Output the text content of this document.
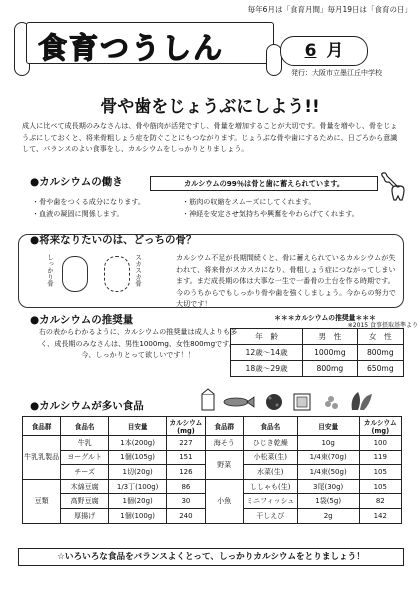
毎年6月は「食育月間」毎月19日は「食育の日」
食育つうしん	6 月
発行：大阪市立墨江丘中学校
骨や歯をじょうぶにしよう!!
成人に比べて成長期のみなさんは、骨や筋肉が活発ですし、骨量を増加することが大切です。骨量を増やし、骨をじょうぶにしておくと、将来骨粗しょう症を防ぐことにもつながります。じょうぶな骨や歯にするために、日ごろから意識して、バランスのよい食事をし、カルシウムをしっかりとりましょう。
●カルシウムの働き	カルシウムの99％は骨と歯に蓄えられています。
・骨や歯をつくる成分になります。
・血液の凝固に関係します。
・筋肉の収縮をスムーズにしてくれます。
・神経を安定させ気持ちや興奮をやわらげてくれます。
●将来なりたいのは、どっちの骨？
しっかり骨	スカスカ骨	カルシウム不足が長期間続くと、骨に蓄えられているカルシウムが失われて、将来骨がスカスカになり、骨粗しょう症につながってしまいます。まだ成長期の体は大事な一生で一番骨の土台を作る時期です。今のうちからでもしっかり骨や歯を強くしましょう。今からの努力で大切です！
●カルシウムの推奨量
右の表からわかるように、カルシウムの推奨量は成人よりも多く、成長期のみなさんは、男性1000mg、女性800mgです。今、しっかりとって欲しいです！！
＊＊＊カルシウムの推奨量＊＊＊
※2015 食事摂取基準より
年　齢	男　性	女　性
12歳〜14歳	1000mg	800mg
18歳〜29歳	800mg	650mg
●カルシウムが多い食品
食品群	食品名	目安量	カルシウム(mg)	食品群	食品名	目安量	カルシウム(mg)
牛乳乳製品	牛乳	1本(200g)	227	海そう	ひじき乾燥	10g	100
	ヨーグルト	1個(105g)	151	野菜	小松菜(生)	1/4束(70g)	119
	チーズ	1切(20g)	126		水菜(生)	1/4束(50g)	105
豆類	木綿豆腐	1/3丁(100g)	86	小魚	ししゃも(生)	3尾(30g)	105
	高野豆腐	1個(20g)	30		ミニフィッシュ	1袋(5g)	82
	厚揚げ	1個(100g)	240		干しえび	2g	142
☆いろいろな食品をバランスよくとって、しっかりカルシウムをとりましょう！
